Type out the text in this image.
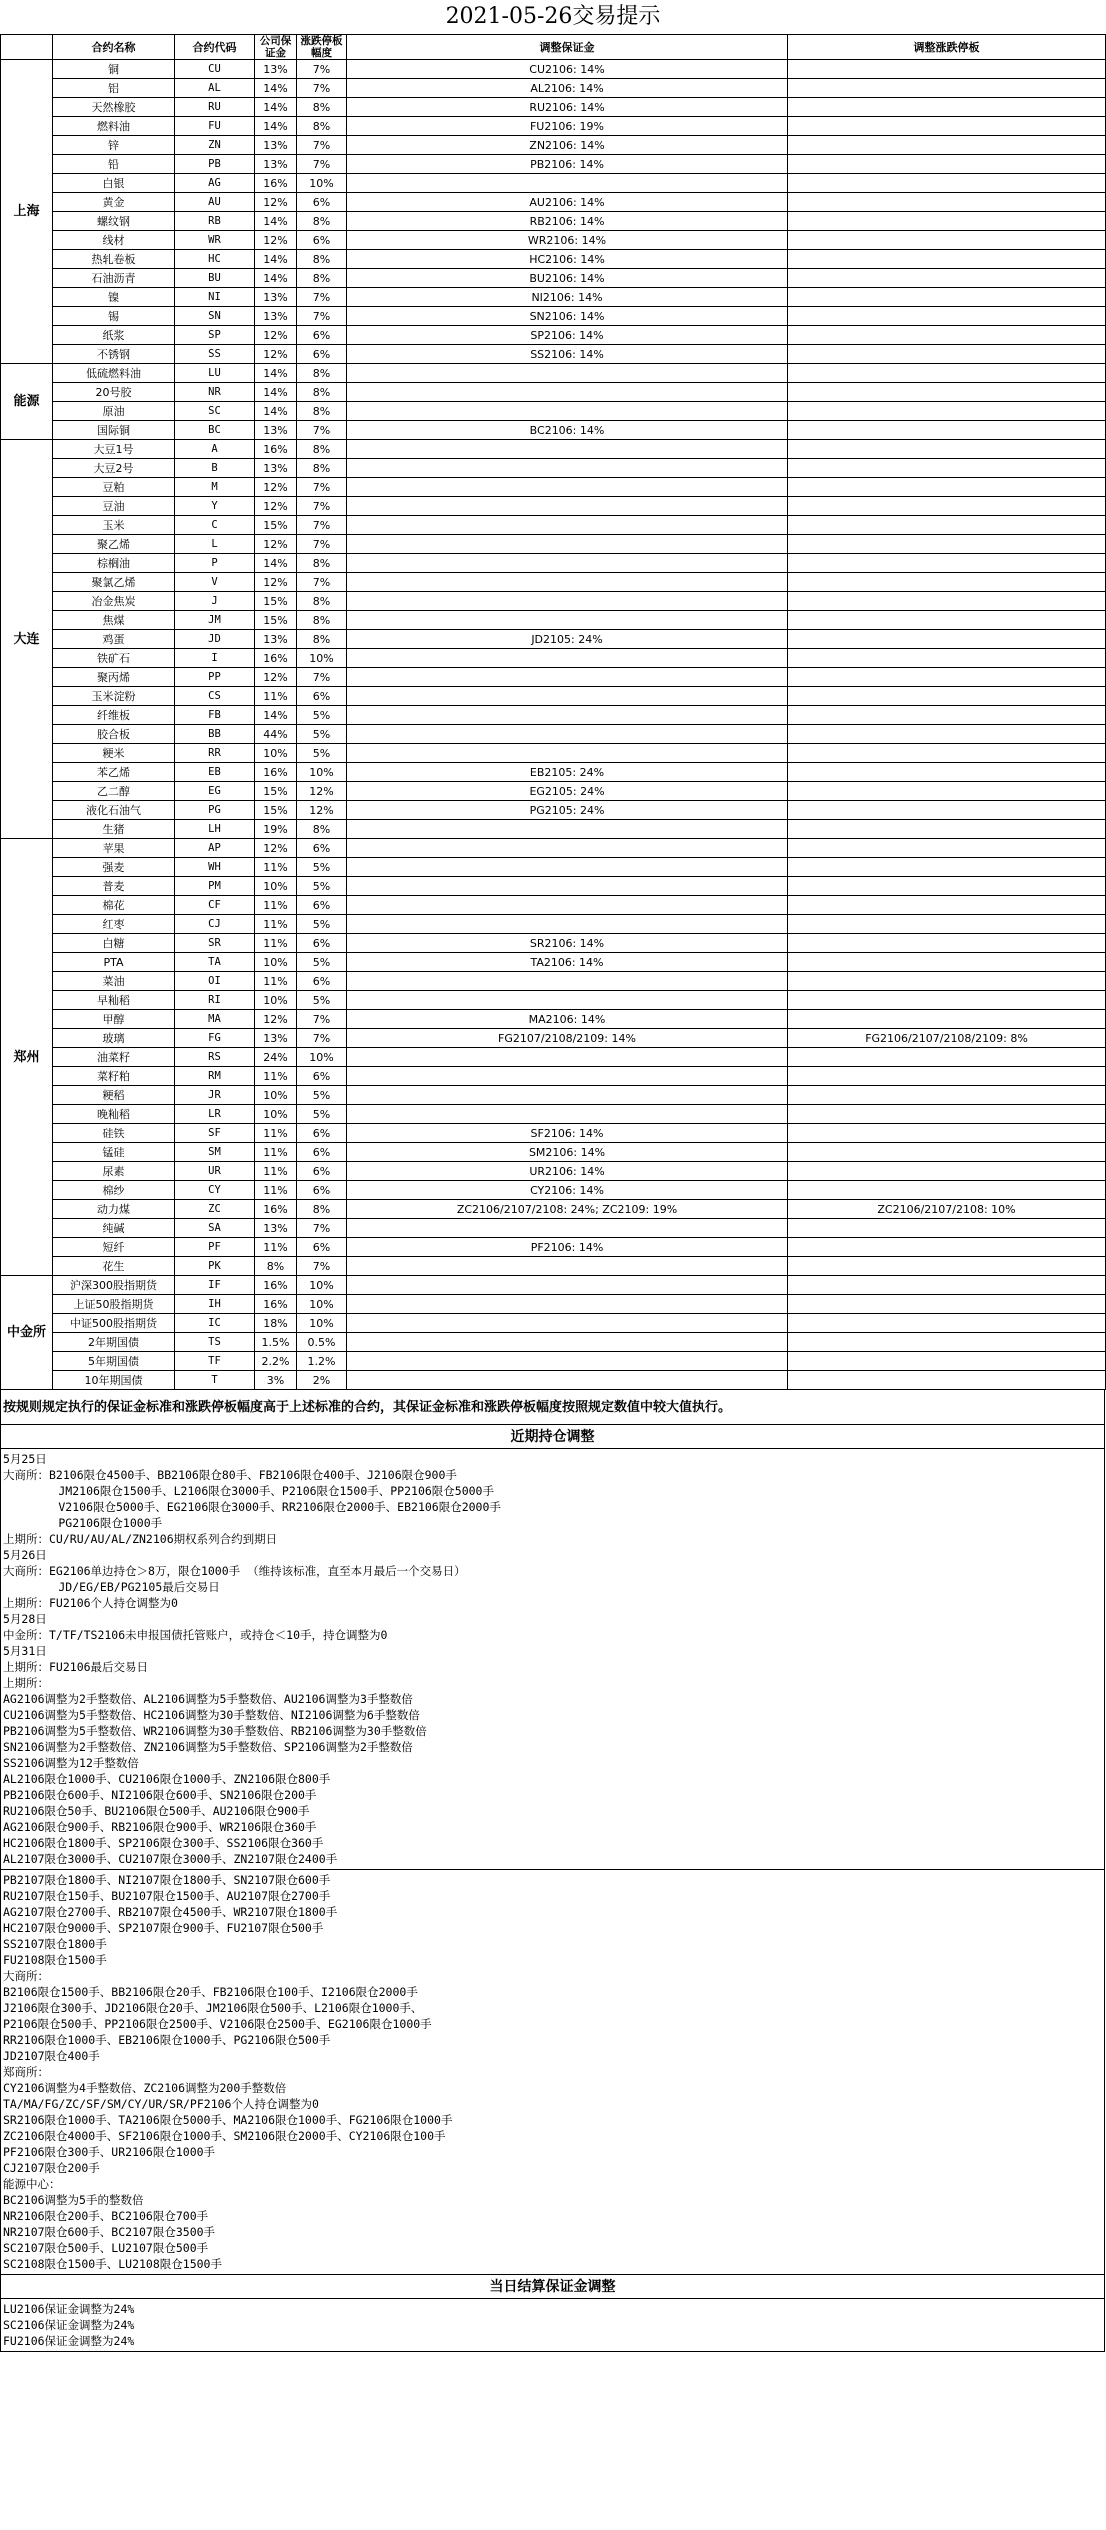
2021-05-26交易提示
	合约名称	合约代码	公司保证金	涨跌停板幅度	调整保证金	调整涨跌停板
上海	铜	CU	13%	7%	CU2106: 14%	
	铝	AL	14%	7%	AL2106: 14%	
	天然橡胶	RU	14%	8%	RU2106: 14%	
	燃料油	FU	14%	8%	FU2106: 19%	
	锌	ZN	13%	7%	ZN2106: 14%	
	铅	PB	13%	7%	PB2106: 14%	
	白银	AG	16%	10%		
	黄金	AU	12%	6%	AU2106: 14%	
	螺纹钢	RB	14%	8%	RB2106: 14%	
	线材	WR	12%	6%	WR2106: 14%	
	热轧卷板	HC	14%	8%	HC2106: 14%	
	石油沥青	BU	14%	8%	BU2106: 14%	
	镍	NI	13%	7%	NI2106: 14%	
	锡	SN	13%	7%	SN2106: 14%	
	纸浆	SP	12%	6%	SP2106: 14%	
	不锈钢	SS	12%	6%	SS2106: 14%	
能源	低硫燃料油	LU	14%	8%		
	20号胶	NR	14%	8%		
	原油	SC	14%	8%		
	国际铜	BC	13%	7%	BC2106: 14%	
大连	大豆1号	A	16%	8%		
	大豆2号	B	13%	8%		
	豆粕	M	12%	7%		
	豆油	Y	12%	7%		
	玉米	C	15%	7%		
	聚乙烯	L	12%	7%		
	棕榈油	P	14%	8%		
	聚氯乙烯	V	12%	7%		
	冶金焦炭	J	15%	8%		
	焦煤	JM	15%	8%		
	鸡蛋	JD	13%	8%	JD2105: 24%	
	铁矿石	I	16%	10%		
	聚丙烯	PP	12%	7%		
	玉米淀粉	CS	11%	6%		
	纤维板	FB	14%	5%		
	胶合板	BB	44%	5%		
	粳米	RR	10%	5%		
	苯乙烯	EB	16%	10%	EB2105: 24%	
	乙二醇	EG	15%	12%	EG2105: 24%	
	液化石油气	PG	15%	12%	PG2105: 24%	
	生猪	LH	19%	8%		
郑州	苹果	AP	12%	6%		
	强麦	WH	11%	5%		
	普麦	PM	10%	5%		
	棉花	CF	11%	6%		
	红枣	CJ	11%	5%		
	白糖	SR	11%	6%	SR2106: 14%	
	PTA	TA	10%	5%	TA2106: 14%	
	菜油	OI	11%	6%		
	早籼稻	RI	10%	5%		
	甲醇	MA	12%	7%	MA2106: 14%	
	玻璃	FG	13%	7%	FG2107/2108/2109: 14%	FG2106/2107/2108/2109: 8%
	油菜籽	RS	24%	10%		
	菜籽粕	RM	11%	6%		
	粳稻	JR	10%	5%		
	晚籼稻	LR	10%	5%		
	硅铁	SF	11%	6%	SF2106: 14%	
	锰硅	SM	11%	6%	SM2106: 14%	
	尿素	UR	11%	6%	UR2106: 14%	
	棉纱	CY	11%	6%	CY2106: 14%	
	动力煤	ZC	16%	8%	ZC2106/2107/2108: 24%; ZC2109: 19%	ZC2106/2107/2108: 10%
	纯碱	SA	13%	7%		
	短纤	PF	11%	6%	PF2106: 14%	
	花生	PK	8%	7%		
中金所	沪深300股指期货	IF	16%	10%		
	上证50股指期货	IH	16%	10%		
	中证500股指期货	IC	18%	10%		
	2年期国债	TS	1.5%	0.5%		
	5年期国债	TF	2.2%	1.2%		
	10年期国债	T	3%	2%		
按规则规定执行的保证金标准和涨跌停板幅度高于上述标准的合约，其保证金标准和涨跌停板幅度按照规定数值中较大值执行。
近期持仓调整
5月25日
大商所：B2106限仓4500手、BB2106限仓80手、FB2106限仓400手、J2106限仓900手
JM2106限仓1500手、L2106限仓3000手、P2106限仓1500手、PP2106限仓5000手
V2106限仓5000手、EG2106限仓3000手、RR2106限仓2000手、EB2106限仓2000手
PG2106限仓1000手
上期所：CU/RU/AU/AL/ZN2106期权系列合约到期日
5月26日
大商所：EG2106单边持仓＞8万，限仓1000手 （维持该标准，直至本月最后一个交易日）
JD/EG/EB/PG2105最后交易日
上期所：FU2106个人持仓调整为0
5月28日
中金所：T/TF/TS2106未申报国债托管账户，或持仓＜10手，持仓调整为0
5月31日
上期所：FU2106最后交易日
上期所：
AG2106调整为2手整数倍、AL2106调整为5手整数倍、AU2106调整为3手整数倍
CU2106调整为5手整数倍、HC2106调整为30手整数倍、NI2106调整为6手整数倍
PB2106调整为5手整数倍、WR2106调整为30手整数倍、RB2106调整为30手整数倍
SN2106调整为2手整数倍、ZN2106调整为5手整数倍、SP2106调整为2手整数倍
SS2106调整为12手整数倍
AL2106限仓1000手、CU2106限仓1000手、ZN2106限仓800手
PB2106限仓600手、NI2106限仓600手、SN2106限仓200手
RU2106限仓50手、BU2106限仓500手、AU2106限仓900手
AG2106限仓900手、RB2106限仓900手、WR2106限仓360手
HC2106限仓1800手、SP2106限仓300手、SS2106限仓360手
AL2107限仓3000手、CU2107限仓3000手、ZN2107限仓2400手
PB2107限仓1800手、NI2107限仓1800手、SN2107限仓600手
RU2107限仓150手、BU2107限仓1500手、AU2107限仓2700手
AG2107限仓2700手、RB2107限仓4500手、WR2107限仓1800手
HC2107限仓9000手、SP2107限仓900手、FU2107限仓500手
SS2107限仓1800手
FU2108限仓1500手
大商所：
B2106限仓1500手、BB2106限仓20手、FB2106限仓100手、I2106限仓2000手
J2106限仓300手、JD2106限仓20手、JM2106限仓500手、L2106限仓1000手、
P2106限仓500手、PP2106限仓2500手、V2106限仓2500手、EG2106限仓1000手
RR2106限仓1000手、EB2106限仓1000手、PG2106限仓500手
JD2107限仓400手
郑商所：
CY2106调整为4手整数倍、ZC2106调整为200手整数倍
TA/MA/FG/ZC/SF/SM/CY/UR/SR/PF2106个人持仓调整为0
SR2106限仓1000手、TA2106限仓5000手、MA2106限仓1000手、FG2106限仓1000手
ZC2106限仓4000手、SF2106限仓1000手、SM2106限仓2000手、CY2106限仓100手
PF2106限仓300手、UR2106限仓1000手
CJ2107限仓200手
能源中心：
BC2106调整为5手的整数倍
NR2106限仓200手、BC2106限仓700手
NR2107限仓600手、BC2107限仓3500手
SC2107限仓500手、LU2107限仓500手
SC2108限仓1500手、LU2108限仓1500手
当日结算保证金调整
LU2106保证金调整为24%
SC2106保证金调整为24%
FU2106保证金调整为24%
